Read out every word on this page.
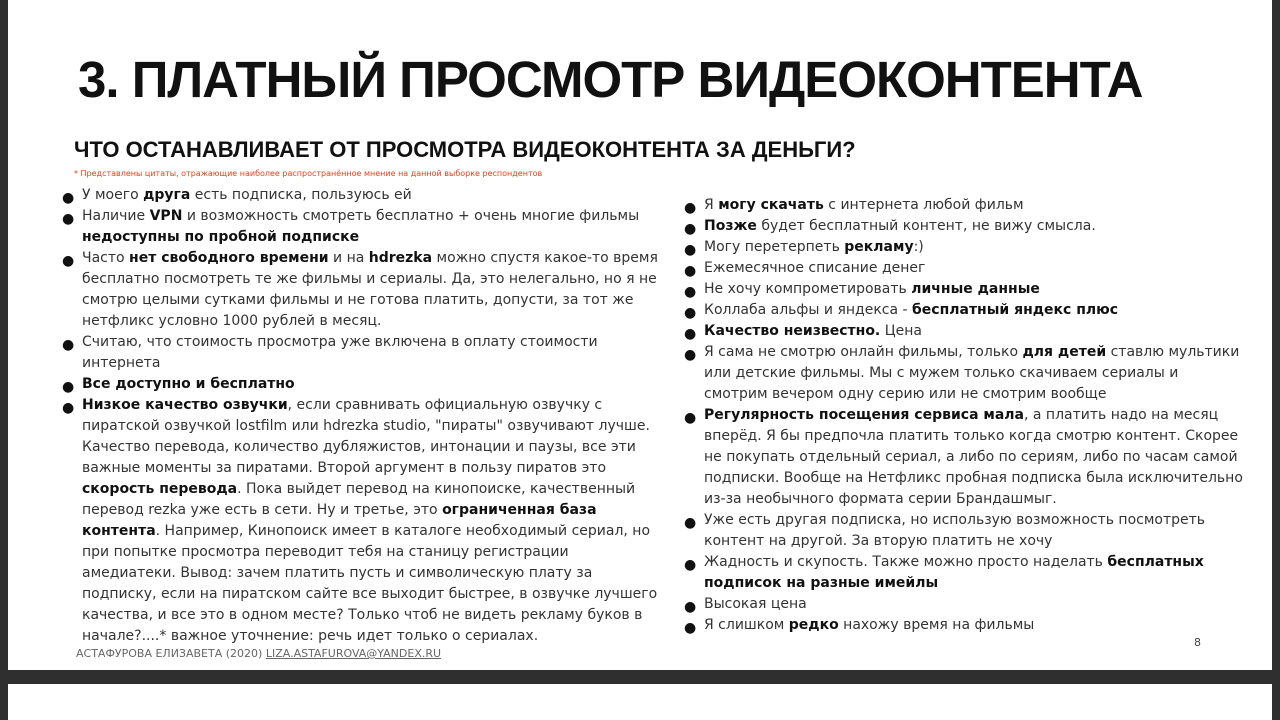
3. ПЛАТНЫЙ ПРОСМОТР ВИДЕОКОНТЕНТА
ЧТО ОСТАНАВЛИВАЕТ ОТ ПРОСМОТРА ВИДЕОКОНТЕНТА ЗА ДЕНЬГИ?
* Представлены цитаты, отражающие наиболее распространённое мнение на данной выборке респондентов
● У моего друга есть подписка, пользуюсь ей
● Наличие VPN и возможность смотреть бесплатно + очень многие фильмы недоступны по пробной подписке
● Часто нет свободного времени и на hdrezka можно спустя какое-то время бесплатно посмотреть те же фильмы и сериалы. Да, это нелегально, но я не смотрю целыми сутками фильмы и не готова платить, допусти, за тот же нетфликс условно 1000 рублей в месяц.
● Считаю, что стоимость просмотра уже включена в оплату стоимости интернета
● Все доступно и бесплатно
● Низкое качество озвучки, если сравнивать официальную озвучку с пиратской озвучкой lostfilm или hdrezka studio, "пираты" озвучивают лучше. Качество перевода, количество дубляжистов, интонации и паузы, все эти важные моменты за пиратами. Второй аргумент в пользу пиратов это скорость перевода. Пока выйдет перевод на кинопоиске, качественный перевод rezka уже есть в сети. Ну и третье, это ограниченная база контента. Например, Кинопоиск имеет в каталоге необходимый сериал, но при попытке просмотра переводит тебя на станицу регистрации амедиатеки. Вывод: зачем платить пусть и символическую плату за подписку, если на пиратском сайте все выходит быстрее, в озвучке лучшего качества, и все это в одном месте? Только чтоб не видеть рекламу буков в начале?....* важное уточнение: речь идет только о сериалах.
● Я могу скачать с интернета любой фильм
● Позже будет бесплатный контент, не вижу смысла.
● Могу перетерпеть рекламу:)
● Ежемесячное списание денег
● Не хочу компрометировать личные данные
● Коллаба альфы и яндекса - бесплатный яндекс плюс
● Качество неизвестно. Цена
● Я сама не смотрю онлайн фильмы, только для детей ставлю мультики или детские фильмы. Мы с мужем только скачиваем сериалы и смотрим вечером одну серию или не смотрим вообще
● Регулярность посещения сервиса мала, а платить надо на месяц вперёд. Я бы предпочла платить только когда смотрю контент. Скорее не покупать отдельный сериал, а либо по сериям, либо по часам самой подписки. Вообще на Нетфликс пробная подписка была исключительно из-за необычного формата серии Брандашмыг.
● Уже есть другая подписка, но использую возможность посмотреть контент на другой. За вторую платить не хочу
● Жадность и скупость. Также можно просто наделать бесплатных подписок на разные имейлы
● Высокая цена
● Я слишком редко нахожу время на фильмы
АСТАФУРОВА ЕЛИЗАВЕТА (2020) LIZA.ASTAFUROVA@YANDEX.RU
8
